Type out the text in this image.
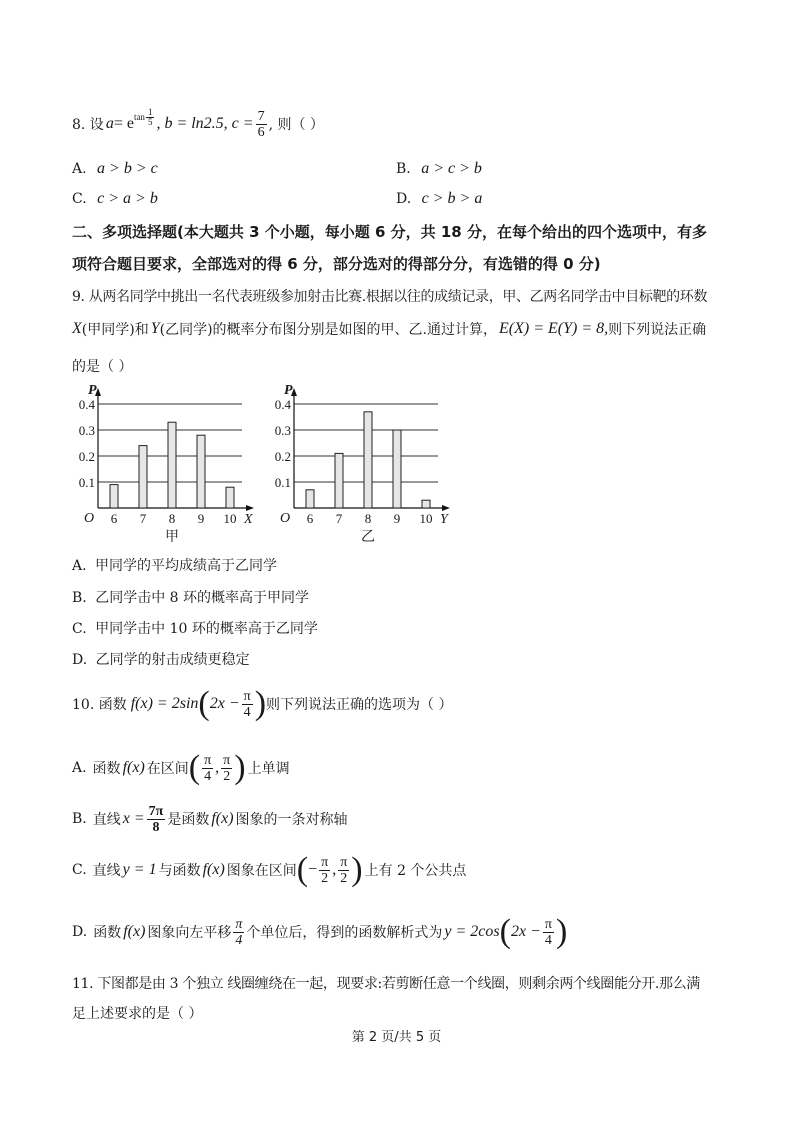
8. 设 a = e $\tan \frac{1}{5}$ , b = ln2.5, $c = \frac{7}{6}$ , 则（ ）
A. a > b > c	B. a > c > b
C. c > a > b	D. c > b > a
二、多项选择题(本大题共 3 个小题，每小题 6 分，共 18 分，在每个给出的四个选项中，有多
项符合题目要求，全部选对的得 6 分，部分选对的得部分分，有选错的得 0 分)
9. 从两名同学中挑出一名代表班级参加射击比赛.根据以往的成绩记录，甲、乙两名同学击中目标靶的环数
X (甲同学)和 Y (乙同学)的概率分布图分别是如图的甲、乙.通过计算， E(X) = E(Y) = 8, 则下列说法正确
的是（ ）
0.1
0.2
0.3
0.4
P
X
O 6 7 8 9 10
甲
0.1
0.2
0.3
0.4
P
Y
O 6 7 8 9 10
乙
A. 甲同学的平均成绩高于乙同学
B. 乙同学击中 8 环的概率高于甲同学
C. 甲同学击中 10 环的概率高于乙同学
D. 乙同学的射击成绩更稳定
10. 函数 f(x) = 2sin ( $2x - \frac{\pi}{4}$ ) 则下列说法正确的选项为（ ）
A. 函数 f(x) 在区间 ( $\frac{\pi}{4}$ , $\frac{\pi}{2}$ ) 上单调
B. 直线 $x = \frac{7\pi}{8}$ 是函数 f(x) 图象的一条对称轴
C. 直线 y = 1 与函数 f(x) 图象在区间 ( − $\frac{\pi}{2}$ , $\frac{\pi}{2}$ ) 上有 2 个公共点
D. 函数 f(x) 图象向左平移 $\frac{\pi}{4}$ 个单位后，得到的函数解析式为 y = 2cos ( $2x - \frac{\pi}{4}$ )
11. 下图都是由 3 个独立 线圈缠绕在一起，现要求:若剪断任意一个线圈，则剩余两个线圈能分开.那么满
足上述要求的是（ ）
第 2 页/共 5 页
